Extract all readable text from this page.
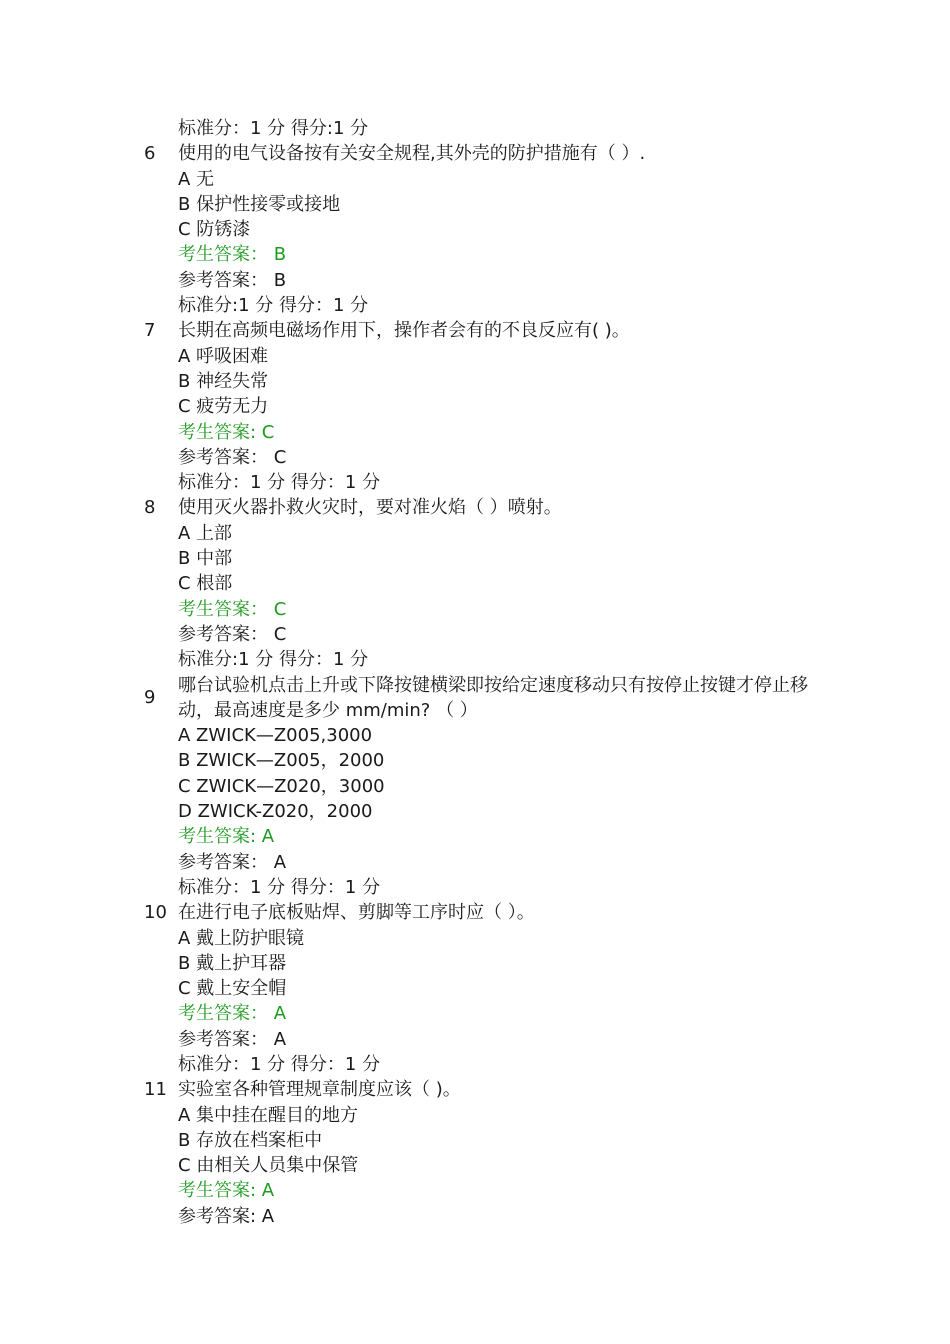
标准分：1 分 得分:1 分
6 使用的电气设备按有关安全规程,其外壳的防护措施有（ ）.
A 无
B 保护性接零或接地
C 防锈漆
考生答案： B
参考答案： B
标准分:1 分 得分：1 分
7 长期在高频电磁场作用下，操作者会有的不良反应有( )。
A 呼吸困难
B 神经失常
C 疲劳无力
考生答案: C
参考答案： C
标准分：1 分 得分：1 分
8 使用灭火器扑救火灾时，要对准火焰（ ）喷射。
A 上部
B 中部
C 根部
考生答案： C
参考答案： C
标准分:1 分 得分：1 分
9
哪台试验机点击上升或下降按键横梁即按给定速度移动只有按停止按键才停止移动，最高速度是多少 mm/min? （ ）
A ZWICK—Z005,3000
B ZWICK—Z005，2000
C ZWICK—Z020，3000
D ZWICK-Z020，2000
考生答案: A
参考答案： A
标准分：1 分 得分：1 分
10 在进行电子底板贴焊、剪脚等工序时应（ ）。
A 戴上防护眼镜
B 戴上护耳器
C 戴上安全帽
考生答案： A
参考答案： A
标准分：1 分 得分：1 分
11 实验室各种管理规章制度应该（ )。
A 集中挂在醒目的地方
B 存放在档案柜中
C 由相关人员集中保管
考生答案: A
参考答案: A
